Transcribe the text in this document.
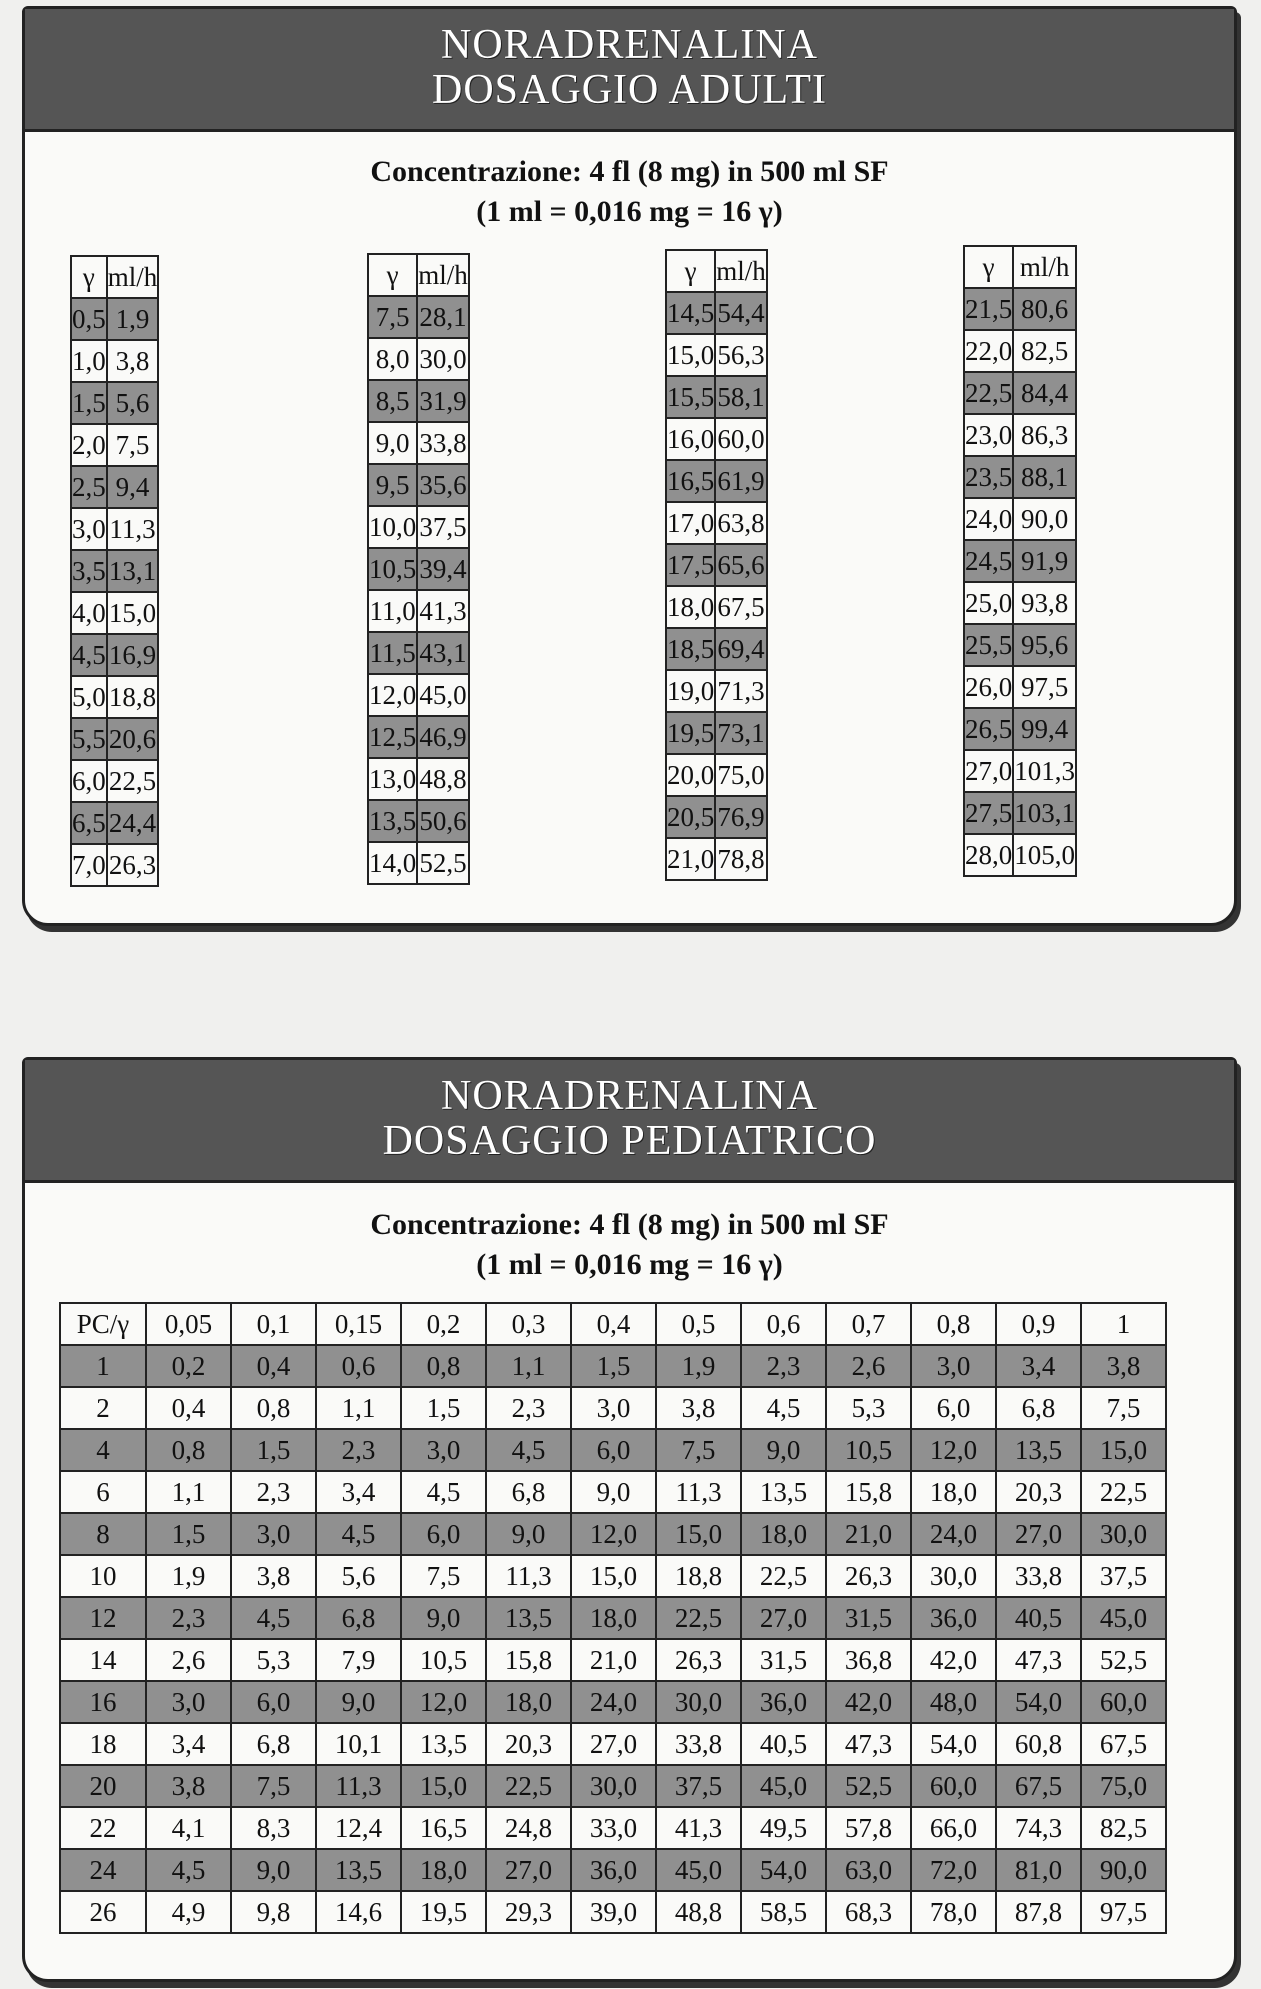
NORADRENALINA
DOSAGGIO ADULTI
Concentrazione: 4 fl (8 mg) in 500 ml SF
(1 ml = 0,016 mg = 16 γ)
γ	ml/h
0,5	1,9
1,0	3,8
1,5	5,6
2,0	7,5
2,5	9,4
3,0	11,3
3,5	13,1
4,0	15,0
4,5	16,9
5,0	18,8
5,5	20,6
6,0	22,5
6,5	24,4
7,0	26,3
γ	ml/h
7,5	28,1
8,0	30,0
8,5	31,9
9,0	33,8
9,5	35,6
10,0	37,5
10,5	39,4
11,0	41,3
11,5	43,1
12,0	45,0
12,5	46,9
13,0	48,8
13,5	50,6
14,0	52,5
γ	ml/h
14,5	54,4
15,0	56,3
15,5	58,1
16,0	60,0
16,5	61,9
17,0	63,8
17,5	65,6
18,0	67,5
18,5	69,4
19,0	71,3
19,5	73,1
20,0	75,0
20,5	76,9
21,0	78,8
γ	ml/h
21,5	80,6
22,0	82,5
22,5	84,4
23,0	86,3
23,5	88,1
24,0	90,0
24,5	91,9
25,0	93,8
25,5	95,6
26,0	97,5
26,5	99,4
27,0	101,3
27,5	103,1
28,0	105,0
NORADRENALINA
DOSAGGIO PEDIATRICO
Concentrazione: 4 fl (8 mg) in 500 ml SF
(1 ml = 0,016 mg = 16 γ)
PC/γ	0,05	0,1	0,15	0,2	0,3	0,4	0,5	0,6	0,7	0,8	0,9	1
1	0,2	0,4	0,6	0,8	1,1	1,5	1,9	2,3	2,6	3,0	3,4	3,8
2	0,4	0,8	1,1	1,5	2,3	3,0	3,8	4,5	5,3	6,0	6,8	7,5
4	0,8	1,5	2,3	3,0	4,5	6,0	7,5	9,0	10,5	12,0	13,5	15,0
6	1,1	2,3	3,4	4,5	6,8	9,0	11,3	13,5	15,8	18,0	20,3	22,5
8	1,5	3,0	4,5	6,0	9,0	12,0	15,0	18,0	21,0	24,0	27,0	30,0
10	1,9	3,8	5,6	7,5	11,3	15,0	18,8	22,5	26,3	30,0	33,8	37,5
12	2,3	4,5	6,8	9,0	13,5	18,0	22,5	27,0	31,5	36,0	40,5	45,0
14	2,6	5,3	7,9	10,5	15,8	21,0	26,3	31,5	36,8	42,0	47,3	52,5
16	3,0	6,0	9,0	12,0	18,0	24,0	30,0	36,0	42,0	48,0	54,0	60,0
18	3,4	6,8	10,1	13,5	20,3	27,0	33,8	40,5	47,3	54,0	60,8	67,5
20	3,8	7,5	11,3	15,0	22,5	30,0	37,5	45,0	52,5	60,0	67,5	75,0
22	4,1	8,3	12,4	16,5	24,8	33,0	41,3	49,5	57,8	66,0	74,3	82,5
24	4,5	9,0	13,5	18,0	27,0	36,0	45,0	54,0	63,0	72,0	81,0	90,0
26	4,9	9,8	14,6	19,5	29,3	39,0	48,8	58,5	68,3	78,0	87,8	97,5
